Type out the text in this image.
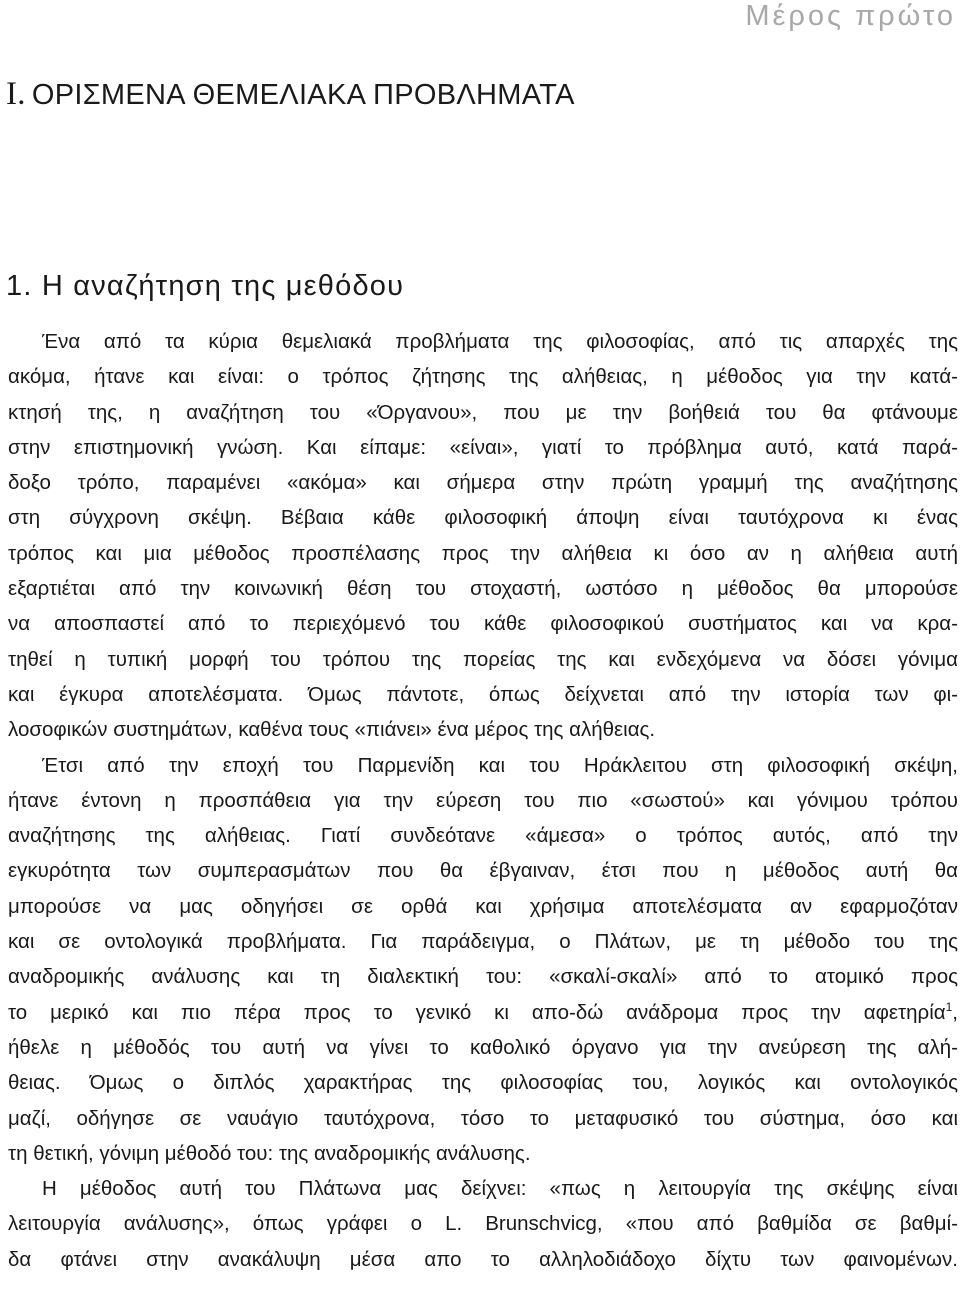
Μέρος πρώτο
I. ΟΡΙΣΜΕΝΑ ΘΕΜΕΛΙΑΚΑ ΠΡΟΒΛΗΜΑΤΑ
1. Η αναζήτηση της μεθόδου
Ένα από τα κύρια θεμελιακά προβλήματα της φιλοσοφίας, από τις απαρχές της
ακόμα, ήτανε και είναι: ο τρόπος ζήτησης της αλήθειας, η μέθοδος για την κατά-
κτησή της, η αναζήτηση του «Όργανου», που με την βοήθειά του θα φτάνουμε
στην επιστημονική γνώση. Και είπαμε: «είναι», γιατί το πρόβλημα αυτό, κατά παρά-
δοξο τρόπο, παραμένει «ακόμα» και σήμερα στην πρώτη γραμμή της αναζήτησης
στη σύγχρονη σκέψη. Βέβαια κάθε φιλοσοφική άποψη είναι ταυτόχρονα κι ένας
τρόπος και μια μέθοδος προσπέλασης προς την αλήθεια κι όσο αν η αλήθεια αυτή
εξαρτιέται από την κοινωνική θέση του στοχαστή, ωστόσο η μέθοδος θα μπορούσε
να αποσπαστεί από το περιεχόμενό του κάθε φιλοσοφικού συστήματος και να κρα-
τηθεί η τυπική μορφή του τρόπου της πορείας της και ενδεχόμενα να δόσει γόνιμα
και έγκυρα αποτελέσματα. Όμως πάντοτε, όπως δείχνεται από την ιστορία των φι-
λοσοφικών συστημάτων, καθένα τους «πιάνει» ένα μέρος της αλήθειας.
Έτσι από την εποχή του Παρμενίδη και του Ηράκλειτου στη φιλοσοφική σκέψη,
ήτανε έντονη η προσπάθεια για την εύρεση του πιο «σωστού» και γόνιμου τρόπου
αναζήτησης της αλήθειας. Γιατί συνδεότανε «άμεσα» ο τρόπος αυτός, από την
εγκυρότητα των συμπερασμάτων που θα έβγαιναν, έτσι που η μέθοδος αυτή θα
μπορούσε να μας οδηγήσει σε ορθά και χρήσιμα αποτελέσματα αν εφαρμοζόταν
και σε οντολογικά προβλήματα. Για παράδειγμα, ο Πλάτων, με τη μέθοδο του της
αναδρομικής ανάλυσης και τη διαλεκτική του: «σκαλί-σκαλί» από το ατομικό προς
το μερικό και πιο πέρα προς το γενικό κι απο-δώ ανάδρομα προς την αφετηρία$^1$,
ήθελε η μέθοδός του αυτή να γίνει το καθολικό όργανο για την ανεύρεση της αλή-
θειας. Όμως ο διπλός χαρακτήρας της φιλοσοφίας του, λογικός και οντολογικός
μαζί, οδήγησε σε ναυάγιο ταυτόχρονα, τόσο το μεταφυσικό του σύστημα, όσο και
τη θετική, γόνιμη μέθοδό του: της αναδρομικής ανάλυσης.
Η μέθοδος αυτή του Πλάτωνα μας δείχνει: «πως η λειτουργία της σκέψης είναι
λειτουργία ανάλυσης», όπως γράφει ο L. Brunschvicg, «που από βαθμίδα σε βαθμί-
δα φτάνει στην ανακάλυψη μέσα απο το αλληλοδιάδοχο δίχτυ των φαινομένων.
